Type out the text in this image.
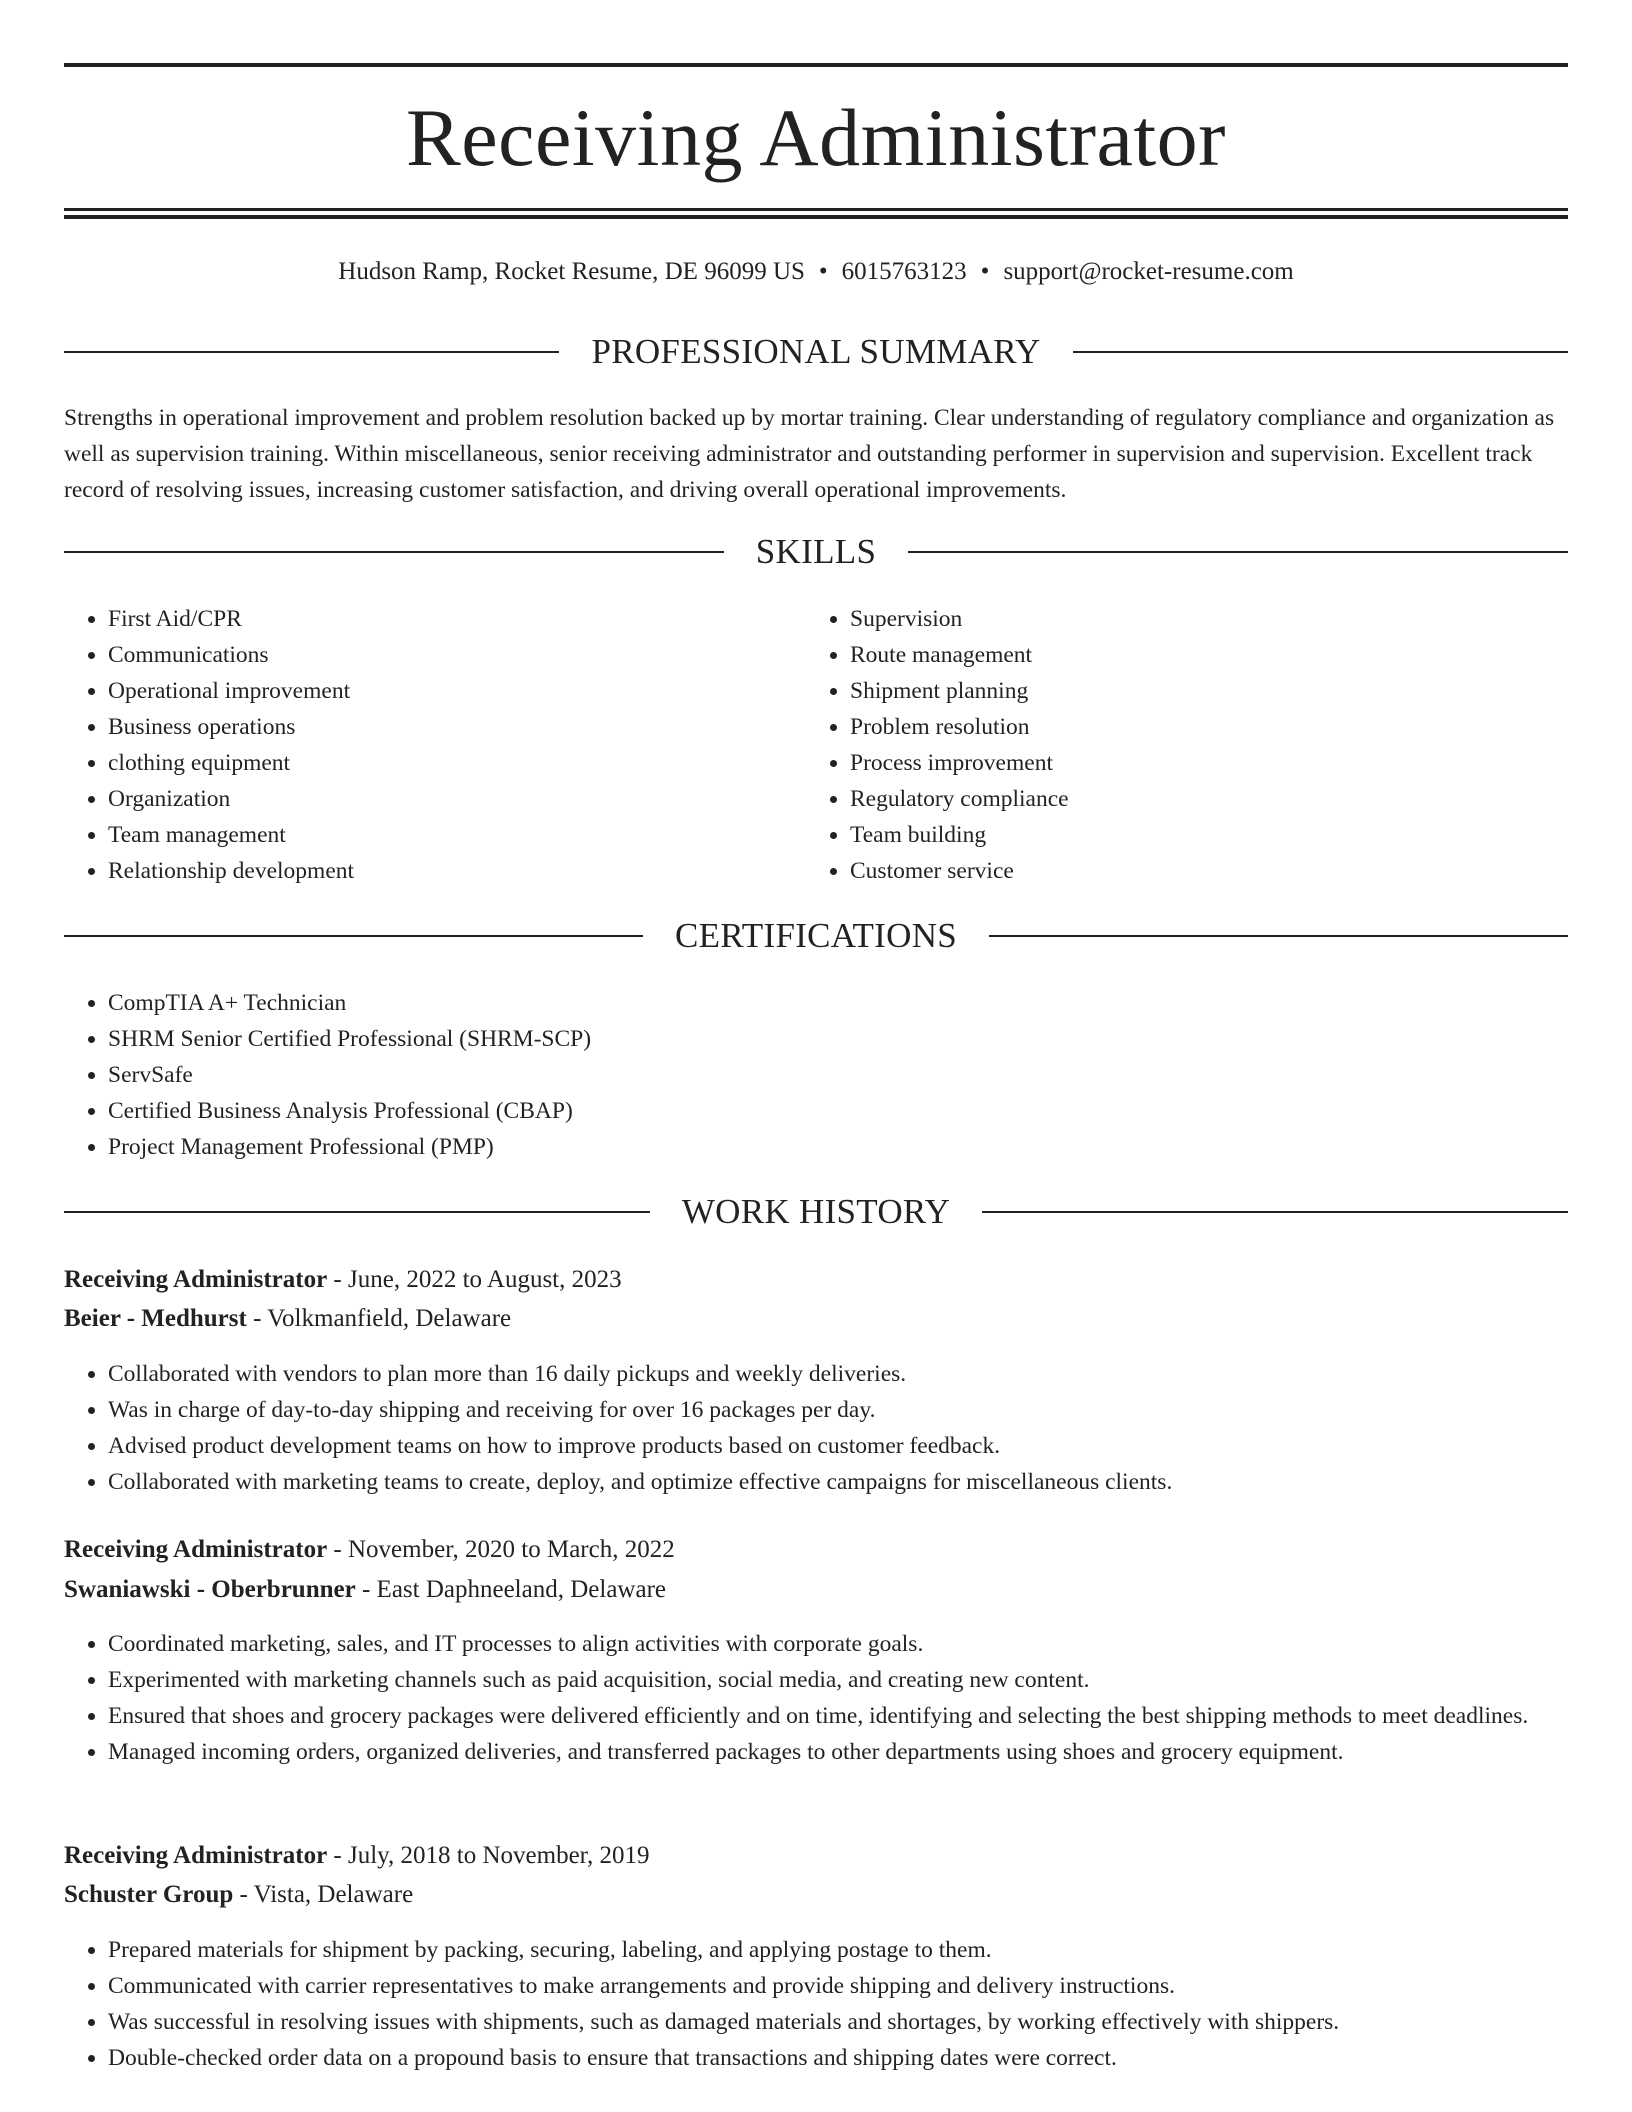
Receiving Administrator
Hudson Ramp, Rocket Resume, DE 96099 US • 6015763123 • support@rocket-resume.com
PROFESSIONAL SUMMARY

Strengths in operational improvement and problem resolution backed up by mortar training. Clear understanding of regulatory compliance and organization as well as supervision training. Within miscellaneous, senior receiving administrator and outstanding performer in supervision and supervision. Excellent track record of resolving issues, increasing customer satisfaction, and driving overall operational improvements.

SKILLS
• First Aid/CPR
• Communications
• Operational improvement
• Business operations
• clothing equipment
• Organization
• Team management
• Relationship development
• Supervision
• Route management
• Shipment planning
• Problem resolution
• Process improvement
• Regulatory compliance
• Team building
• Customer service
CERTIFICATIONS
• CompTIA A+ Technician
• SHRM Senior Certified Professional (SHRM-SCP)
• ServSafe
• Certified Business Analysis Professional (CBAP)
• Project Management Professional (PMP)
WORK HISTORY
Receiving Administrator - June, 2022 to August, 2023
Beier - Medhurst - Volkmanfield, Delaware
• Collaborated with vendors to plan more than 16 daily pickups and weekly deliveries.
• Was in charge of day-to-day shipping and receiving for over 16 packages per day.
• Advised product development teams on how to improve products based on customer feedback.
• Collaborated with marketing teams to create, deploy, and optimize effective campaigns for miscellaneous clients.
Receiving Administrator - November, 2020 to March, 2022
Swaniawski - Oberbrunner - East Daphneeland, Delaware
• Coordinated marketing, sales, and IT processes to align activities with corporate goals.
• Experimented with marketing channels such as paid acquisition, social media, and creating new content.
• Ensured that shoes and grocery packages were delivered efficiently and on time, identifying and selecting the best shipping methods to meet deadlines.
• Managed incoming orders, organized deliveries, and transferred packages to other departments using shoes and grocery equipment.
Receiving Administrator - July, 2018 to November, 2019
Schuster Group - Vista, Delaware
• Prepared materials for shipment by packing, securing, labeling, and applying postage to them.
• Communicated with carrier representatives to make arrangements and provide shipping and delivery instructions.
• Was successful in resolving issues with shipments, such as damaged materials and shortages, by working effectively with shippers.
• Double-checked order data on a propound basis to ensure that transactions and shipping dates were correct.
